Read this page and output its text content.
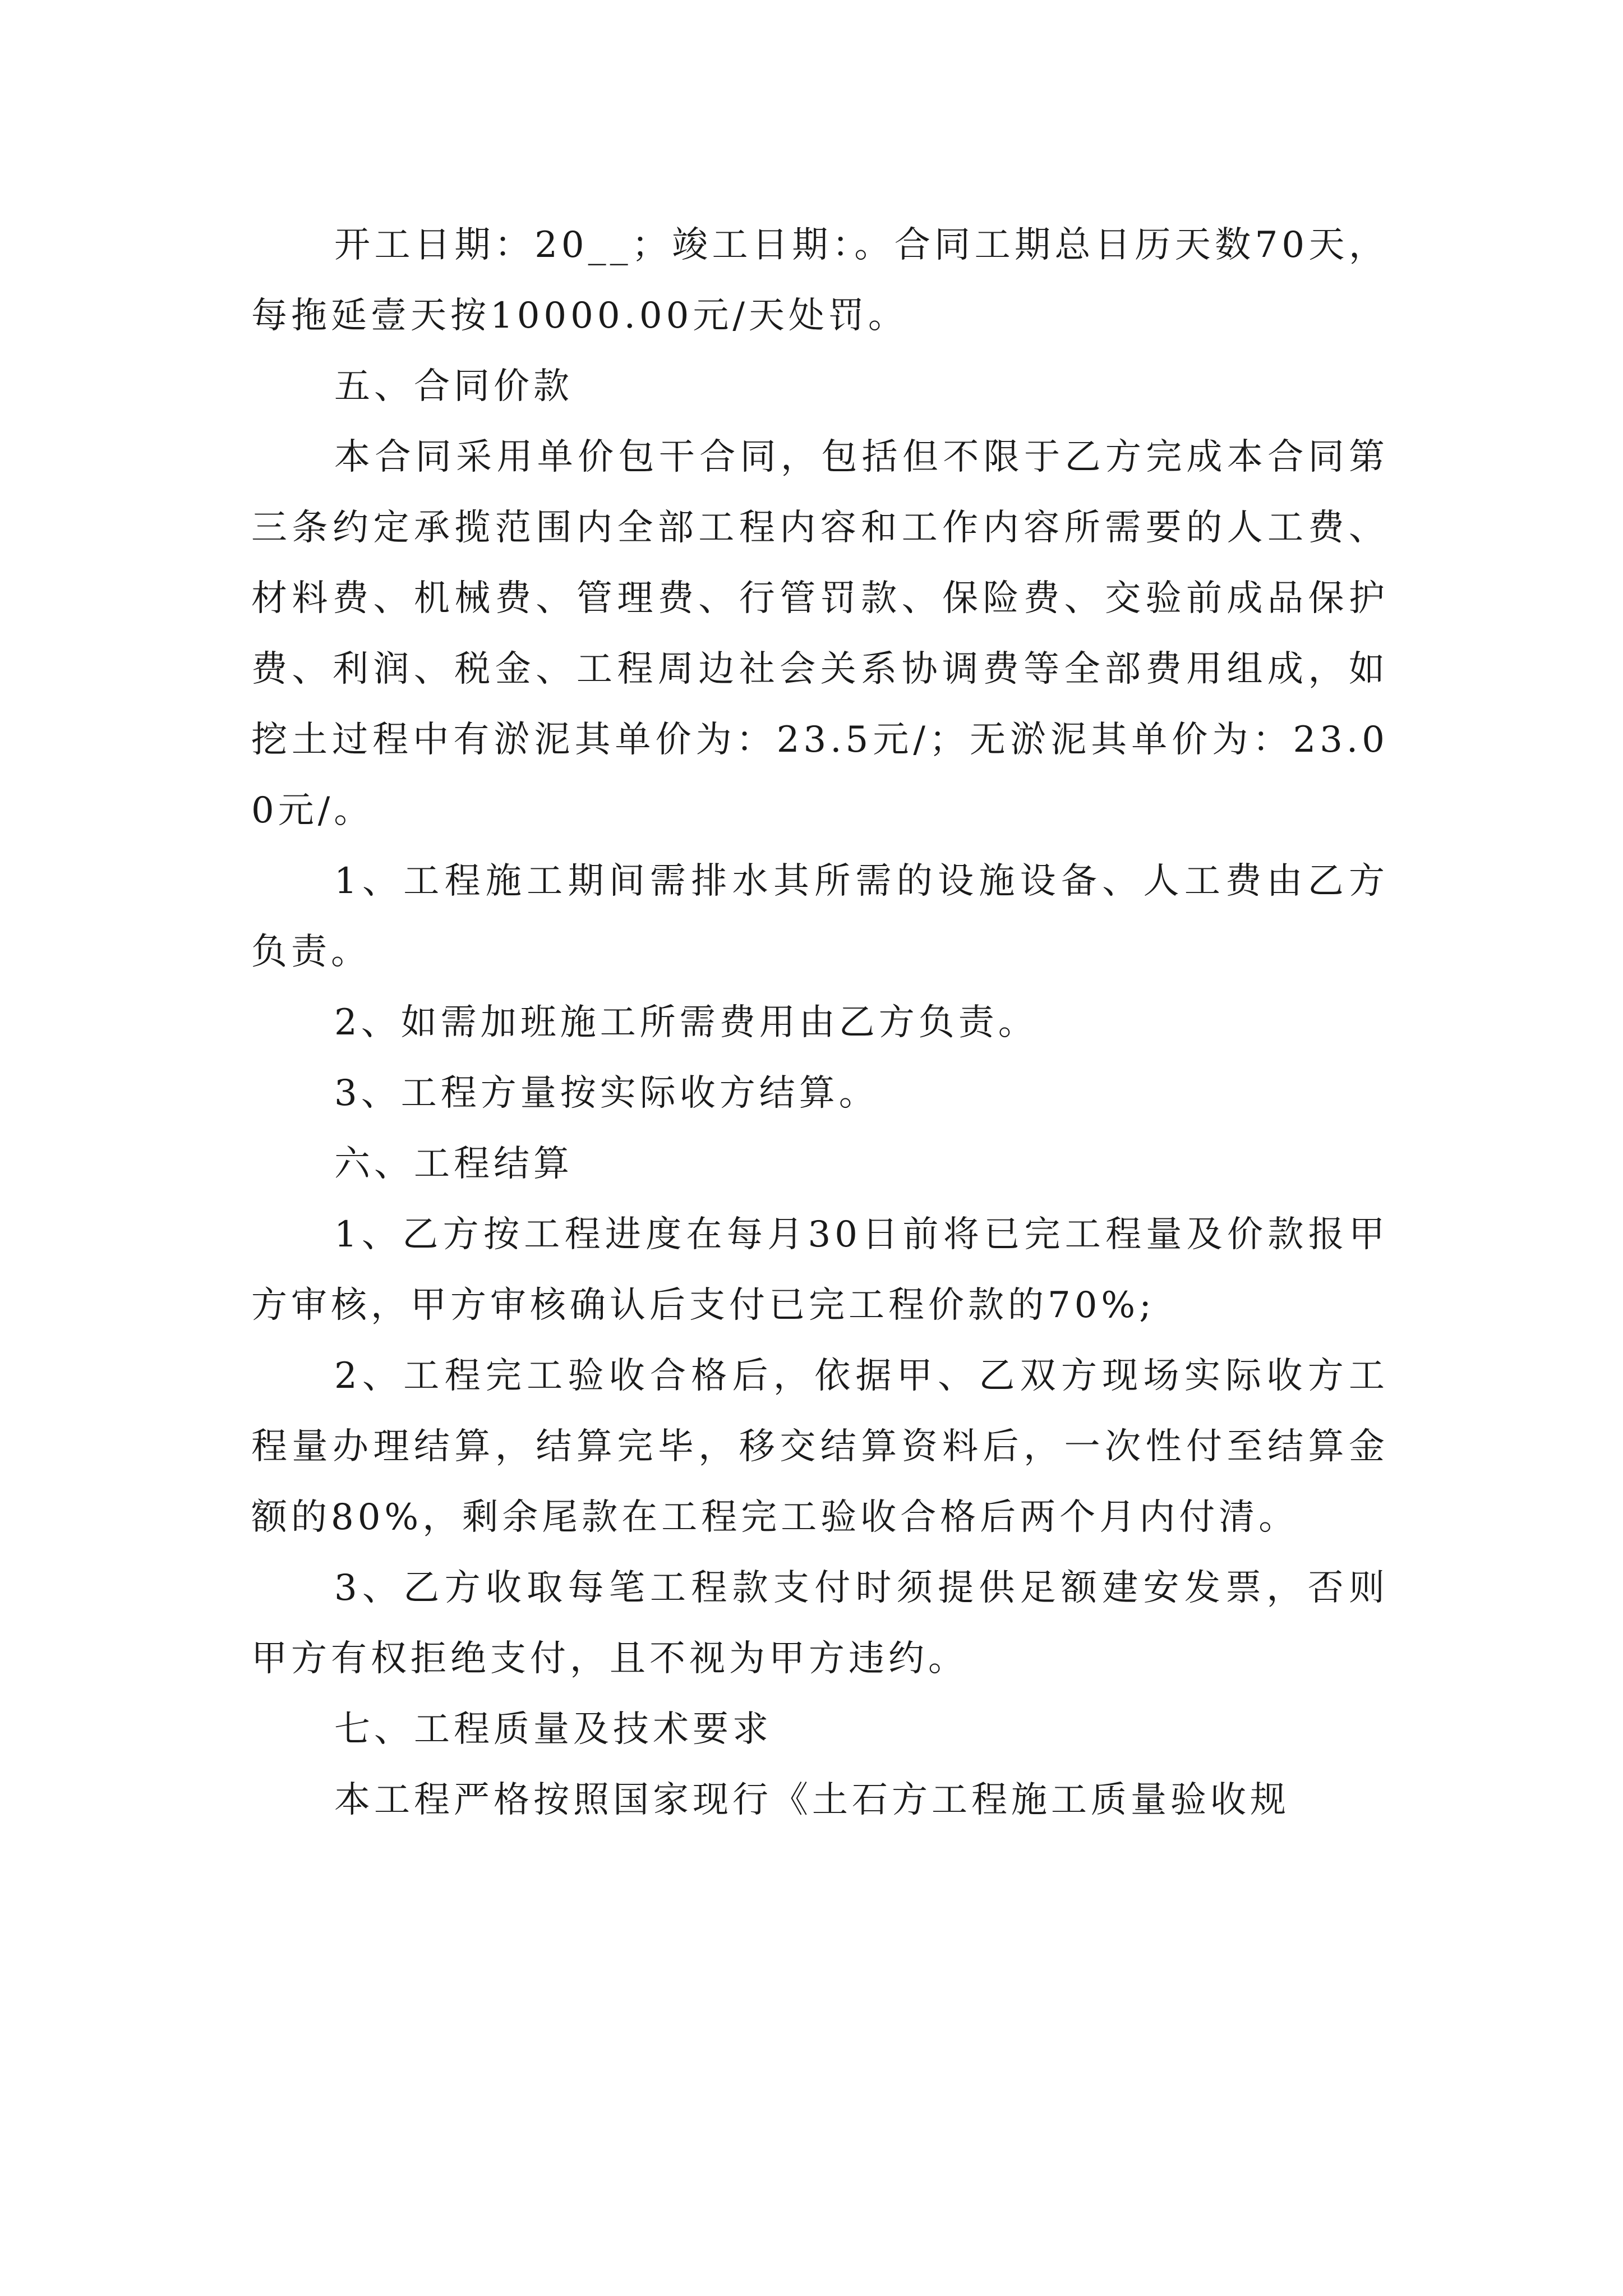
开工日期：20__；竣工日期：。合同工期总日历天数70天，每拖延壹天按10000.00元/天处罚。

五、合同价款

本合同采用单价包干合同，包括但不限于乙方完成本合同第三条约定承揽范围内全部工程内容和工作内容所需要的人工费、材料费、机械费、管理费、行管罚款、保险费、交验前成品保护费、利润、税金、工程周边社会关系协调费等全部费用组成，如挖土过程中有淤泥其单价为：23.5元/；无淤泥其单价为：23.00元/。

1、工程施工期间需排水其所需的设施设备、人工费由乙方负责。

2、如需加班施工所需费用由乙方负责。

3、工程方量按实际收方结算。

六、工程结算

1、乙方按工程进度在每月30日前将已完工程量及价款报甲方审核，甲方审核确认后支付已完工程价款的70%;

2、工程完工验收合格后，依据甲、乙双方现场实际收方工程量办理结算，结算完毕，移交结算资料后，一次性付至结算金额的80%，剩余尾款在工程完工验收合格后两个月内付清。

3、乙方收取每笔工程款支付时须提供足额建安发票，否则甲方有权拒绝支付，且不视为甲方违约。

七、工程质量及技术要求

本工程严格按照国家现行《土石方工程施工质量验收规
